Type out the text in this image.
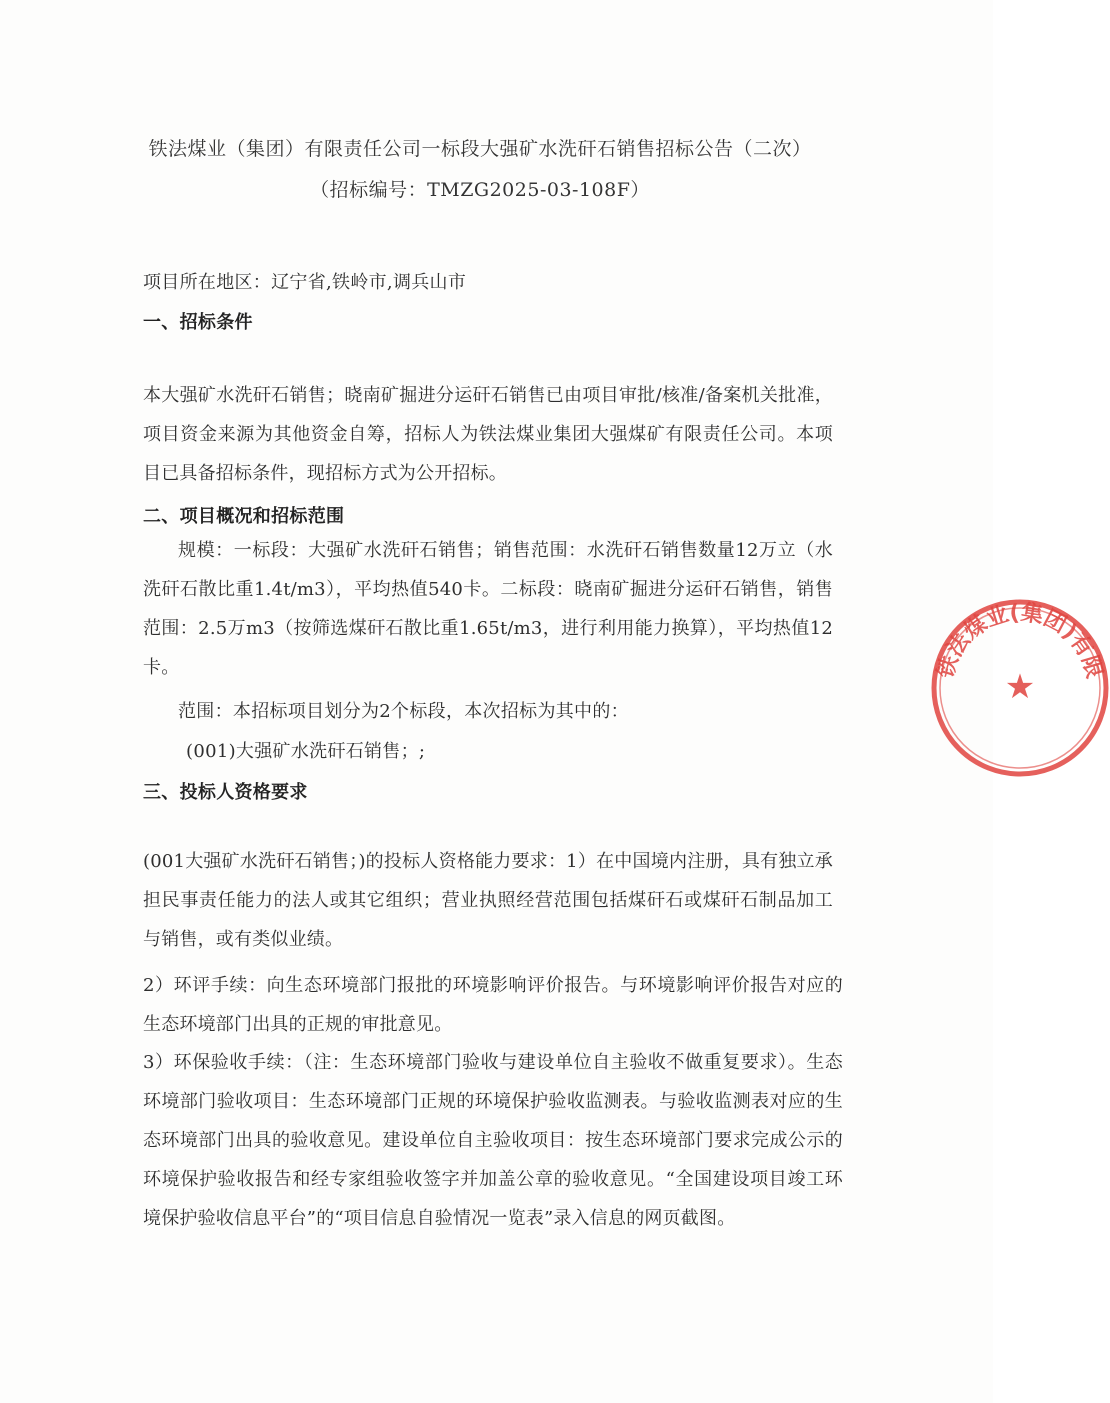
铁法煤业（集团）有限责任公司一标段大强矿水洗矸石销售招标公告（二次）
（招标编号：TMZG2025-03-108F）
项目所在地区：辽宁省,铁岭市,调兵山市
一、招标条件
本大强矿水洗矸石销售；晓南矿掘进分运矸石销售已由项目审批/核准/备案机关批准，项目资金来源为其他资金自筹，招标人为铁法煤业集团大强煤矿有限责任公司。本项目已具备招标条件，现招标方式为公开招标。
二、项目概况和招标范围
规模：一标段：大强矿水洗矸石销售；销售范围：水洗矸石销售数量12万立（水洗矸石散比重1.4t/m3），平均热值540卡。二标段：晓南矿掘进分运矸石销售，销售范围：2.5万m3（按筛选煤矸石散比重1.65t/m3，进行利用能力换算），平均热值12卡。
范围：本招标项目划分为2个标段，本次招标为其中的：
(001)大强矿水洗矸石销售；;
三、投标人资格要求
(001大强矿水洗矸石销售；)的投标人资格能力要求：1）在中国境内注册，具有独立承担民事责任能力的法人或其它组织；营业执照经营范围包括煤矸石或煤矸石制品加工与销售，或有类似业绩。
2）环评手续：向生态环境部门报批的环境影响评价报告。与环境影响评价报告对应的生态环境部门出具的正规的审批意见。
3）环保验收手续：（注：生态环境部门验收与建设单位自主验收不做重复要求）。生态环境部门验收项目：生态环境部门正规的环境保护验收监测表。与验收监测表对应的生态环境部门出具的验收意见。建设单位自主验收项目：按生态环境部门要求完成公示的环境保护验收报告和经专家组验收签字并加盖公章的验收意见。“全国建设项目竣工环境保护验收信息平台”的“项目信息自验情况一览表”录入信息的网页截图。
铁法煤业(集团)有限
★
